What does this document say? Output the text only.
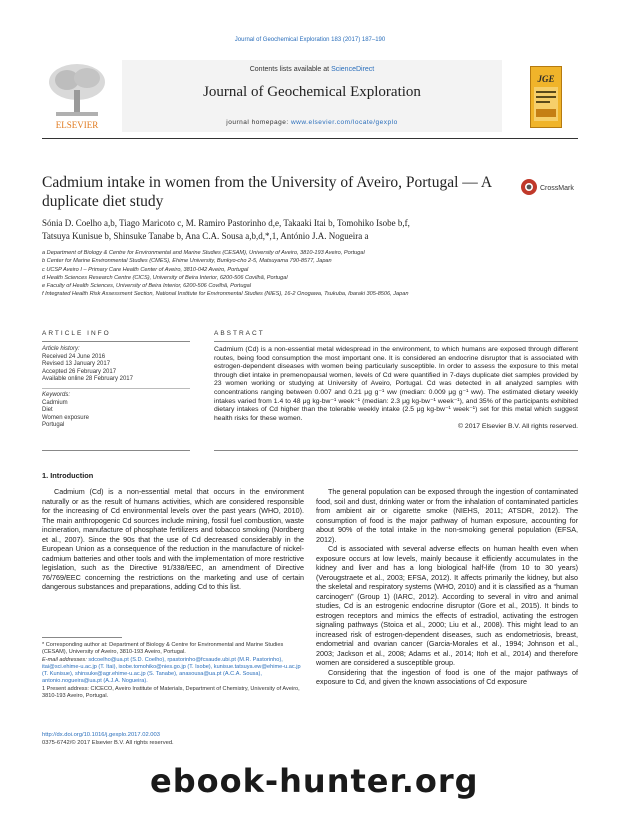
Journal of Geochemical Exploration 183 (2017) 187–190
ELSEVIER
Contents lists available at ScienceDirect
Journal of Geochemical Exploration
journal homepage: www.elsevier.com/locate/gexplo
JGE
Cadmium intake in women from the University of Aveiro, Portugal — A duplicate diet study
CrossMark
Sónia D. Coelho a,b, Tiago Maricoto c, M. Ramiro Pastorinho d,e, Takaaki Itai b, Tomohiko Isobe b,f,
Tatsuya Kunisue b, Shinsuke Tanabe b, Ana C.A. Sousa a,b,d,*,1, António J.A. Nogueira a
a Department of Biology & Centre for Environmental and Marine Studies (CESAM), University of Aveiro, 3810-193 Aveiro, Portugal
b Center for Marine Environmental Studies (CMES), Ehime University, Bunkyo-cho 2-5, Matsuyama 790-8577, Japan
c UCSP Aveiro I – Primary Care Health Center of Aveiro, 3810-042 Aveiro, Portugal
d Health Sciences Research Centre (CICS), University of Beira Interior, 6200-506 Covilhã, Portugal
e Faculty of Health Sciences, University of Beira Interior, 6200-506 Covilhã, Portugal
f Integrated Health Risk Assessment Section, National Institute for Environmental Studies (NIES), 16-2 Onogawa, Tsukuba, Ibaraki 305-8506, Japan
ARTICLE INFO	ABSTRACT
Article history:
Received 24 June 2016
Revised 13 January 2017
Accepted 26 February 2017
Available online 28 February 2017
Keywords:
Cadmium
Diet
Women exposure
Portugal

Cadmium (Cd) is a non-essential metal widespread in the environment, to which humans are exposed through different routes, being food consumption the most important one. It is considered an endocrine disruptor that is associated with estrogen-dependent diseases with women being particularly susceptible. In order to assess the exposure to this metal through diet intake in premenopausal women, levels of Cd were quantified in 7-days duplicate diet samples provided by 23 women working or studying at University of Aveiro, Portugal. Cd was detected in all analyzed samples with concentrations ranging between 0.007 and 0.21 μg g⁻¹ ww (median: 0.009 μg g⁻¹ ww). The estimated dietary weekly intakes varied from 1.4 to 48 μg kg-bw⁻¹ week⁻¹ (median: 2.3 μg kg-bw⁻¹ week⁻¹), and 35% of the participants exhibited dietary intakes of Cd higher than the tolerable weekly intake (2.5 μg kg-bw⁻¹ week⁻¹) set for this metal which suggest health risks for these women.

© 2017 Elsevier B.V. All rights reserved.

1. Introduction

Cadmium (Cd) is a non-essential metal that occurs in the environment naturally or as the result of humans activities, which are considered responsible for the increasing of Cd environmental levels over the past years (WHO, 2010). The main anthropogenic Cd sources include mining, fossil fuel combustion, waste incineration, manufacture of phosphate fertilizers and tobacco smoking (Nordberg et al., 2007). Since the 90s that the use of Cd decreased considerably in the European Union as a consequence of the reduction in the manufacture of nickel-cadmium batteries and other tools and with the implementation of more restrictive legislation, such as the Directive 91/338/EEC, an amendment of Directive 76/769/EEC concerning the restrictions on the marketing and use of certain dangerous substances and preparations, adding Cd to this list.

The general population can be exposed through the ingestion of contaminated food, soil and dust, drinking water or from the inhalation of contaminated particles from ambient air or cigarette smoke (NIEHS, 2011; ATSDR, 2012). The consumption of food is the major pathway of human exposure, accounting for about 90% of the total intake in the non-smoking general population (EFSA, 2012).

Cd is associated with several adverse effects on human health even when exposure occurs at low levels, mainly because it efficiently accumulates in the kidney and liver and has a long biological half-life (from 10 to 30 years) (Verougstraete et al., 2003; EFSA, 2012). It affects primarily the kidney, but also the skeletal and respiratory systems (WHO, 2010) and it is classified as a “human carcinogen” (Group 1) (IARC, 2012). According to several in vitro and animal studies, Cd is an estrogenic endocrine disruptor (Gore et al., 2015). It binds to estrogen receptors and mimics the effects of estradiol, activating the estrogen signaling pathways (Stoica et al., 2000; Liu et al., 2008). This might lead to an increased risk of estrogen-dependent diseases, such as endometriosis, breast, endometrial and ovarian cancer (Garcia-Morales et al., 1994; Johnson et al., 2003; Jackson et al., 2008; Adams et al., 2014; Itoh et al., 2014) and therefore women are considered a susceptible group.

Considering that the ingestion of food is one of the major pathways of exposure to Cd, and given the known associations of Cd exposure

* Corresponding author at: Department of Biology & Centre for Environmental and Marine Studies (CESAM), University of Aveiro, 3810-193 Aveiro, Portugal.

E-mail addresses: sdcoelho@ua.pt (S.D. Coelho), rpastorinho@fcsaude.ubi.pt (M.R. Pastorinho), itai@sci.ehime-u.ac.jp (T. Itai), isobe.tomohiko@nies.go.jp (T. Isobe), kunisue.tatsuya.ew@ehime-u.ac.jp (T. Kunisue), shinsuke@agr.ehime-u.ac.jp (S. Tanabe), anasousa@ua.pt (A.C.A. Sousa), antonio.nogueira@ua.pt (A.J.A. Nogueira).

1 Present address: CICECO, Aveiro Institute of Materials, Department of Chemistry, University of Aveiro, 3810-193 Aveiro, Portugal.

http://dx.doi.org/10.1016/j.gexplo.2017.02.003
0375-6742/© 2017 Elsevier B.V. All rights reserved.
ebook-hunter.org
